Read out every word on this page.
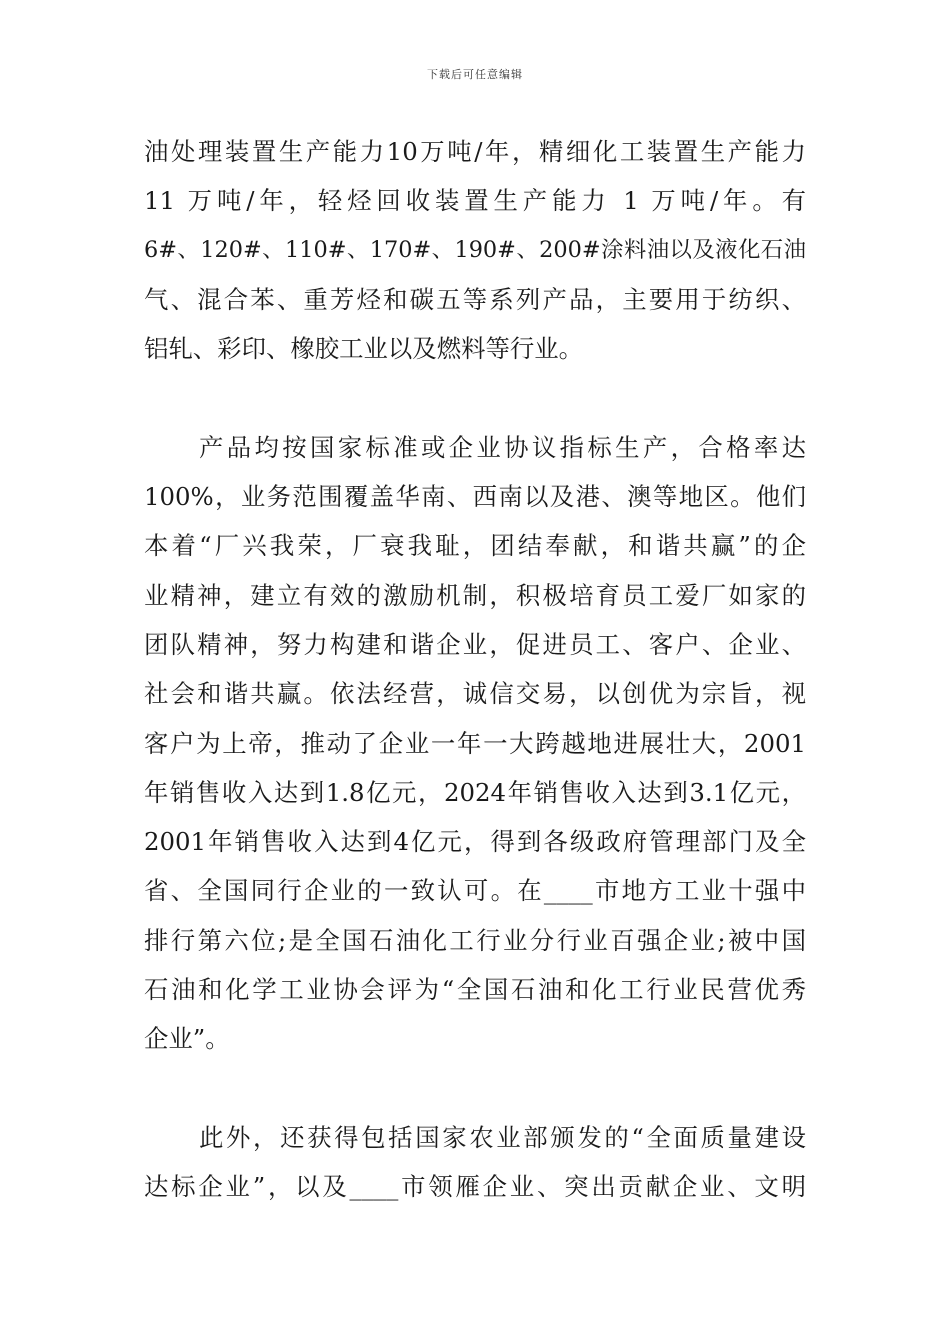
下载后可任意编辑
油处理装置生产能力10万吨/年，精细化工装置生产能力
11 万吨/年，轻烃回收装置生产能力 1 万吨/年。有
6#、120#、110#、170#、190#、200#涂料油以及液化石油
气、混合苯、重芳烃和碳五等系列产品，主要用于纺织、
铝轧、彩印、橡胶工业以及燃料等行业。
产品均按国家标准或企业协议指标生产，合格率达
100%，业务范围覆盖华南、西南以及港、澳等地区。他们
本着“厂兴我荣，厂衰我耻，团结奉献，和谐共赢”的企
业精神，建立有效的激励机制，积极培育员工爱厂如家的
团队精神，努力构建和谐企业，促进员工、客户、企业、
社会和谐共赢。依法经营，诚信交易，以创优为宗旨，视
客户为上帝，推动了企业一年一大跨越地进展壮大，2001
年销售收入达到1.8亿元，2024年销售收入达到3.1亿元，
2001年销售收入达到4亿元，得到各级政府管理部门及全
省、全国同行企业的一致认可。在____市地方工业十强中
排行第六位;是全国石油化工行业分行业百强企业;被中国
石油和化学工业协会评为“全国石油和化工行业民营优秀
企业”。
此外，还获得包括国家农业部颁发的“全面质量建设
达标企业”，以及____市领雁企业、突出贡献企业、文明
